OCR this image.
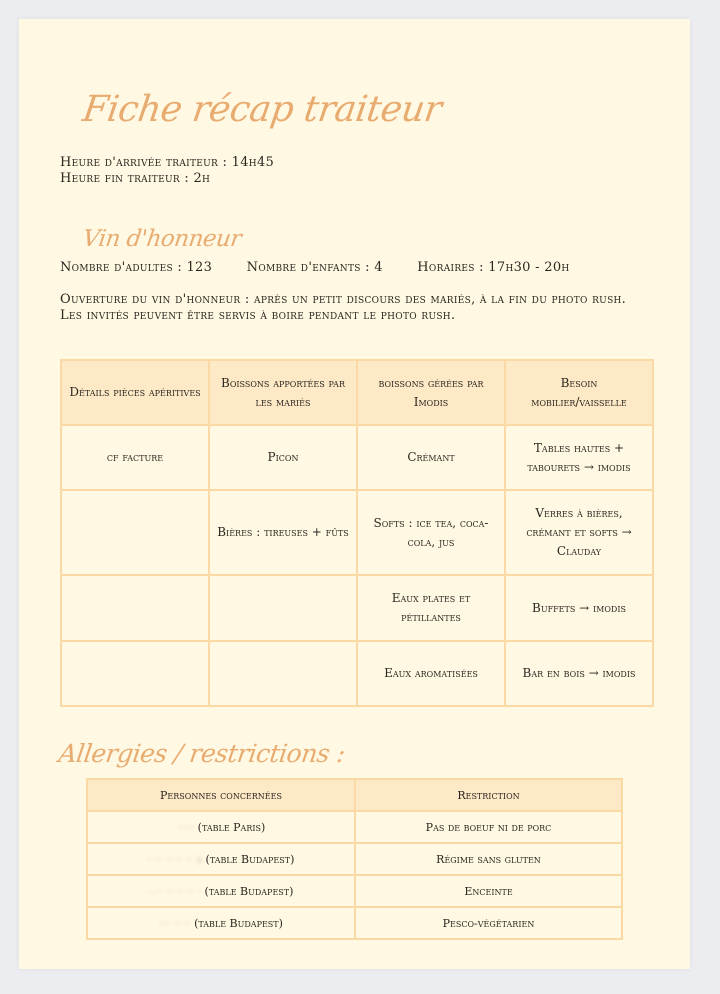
Fiche récap traiteur
Heure d'arrivée traiteur : 14h45
Heure fin traiteur : 2h
Vin d'honneur
Nombre d'adultes : 123	Nombre d'enfants : 4	Horaires : 17h30 - 20h
Ouverture du vin d'honneur : après un petit discours des mariés, à la fin du photo rush. Les invités peuvent être servis à boire pendant le photo rush.
Détails pièces apéritives	Boissons apportées par les mariés	boissons gérées par Imodis	Besoin mobilier/vaisselle
cf facture	Picon	Crémant	Tables hautes + tabourets → imodis
	Bières : tireuses + fûts	Softs : ice tea, coca-cola, jus	Verres à bières, crémant et softs → Clauday
		Eaux plates et pétillantes	Buffets → imodis
		Eaux aromatisées	Bar en bois → imodis
Allergies / restrictions :
Personnes concernées	Restriction
····· (table Paris)	Pas de boeuf ni de porc
· ·· ·· ·· ·· s (table Budapest)	Régime sans gluten
·.·· ·· ·· ·· · (table Budapest)	Enceinte
··· ·· ·· (table Budapest)	Pesco-végétarien
